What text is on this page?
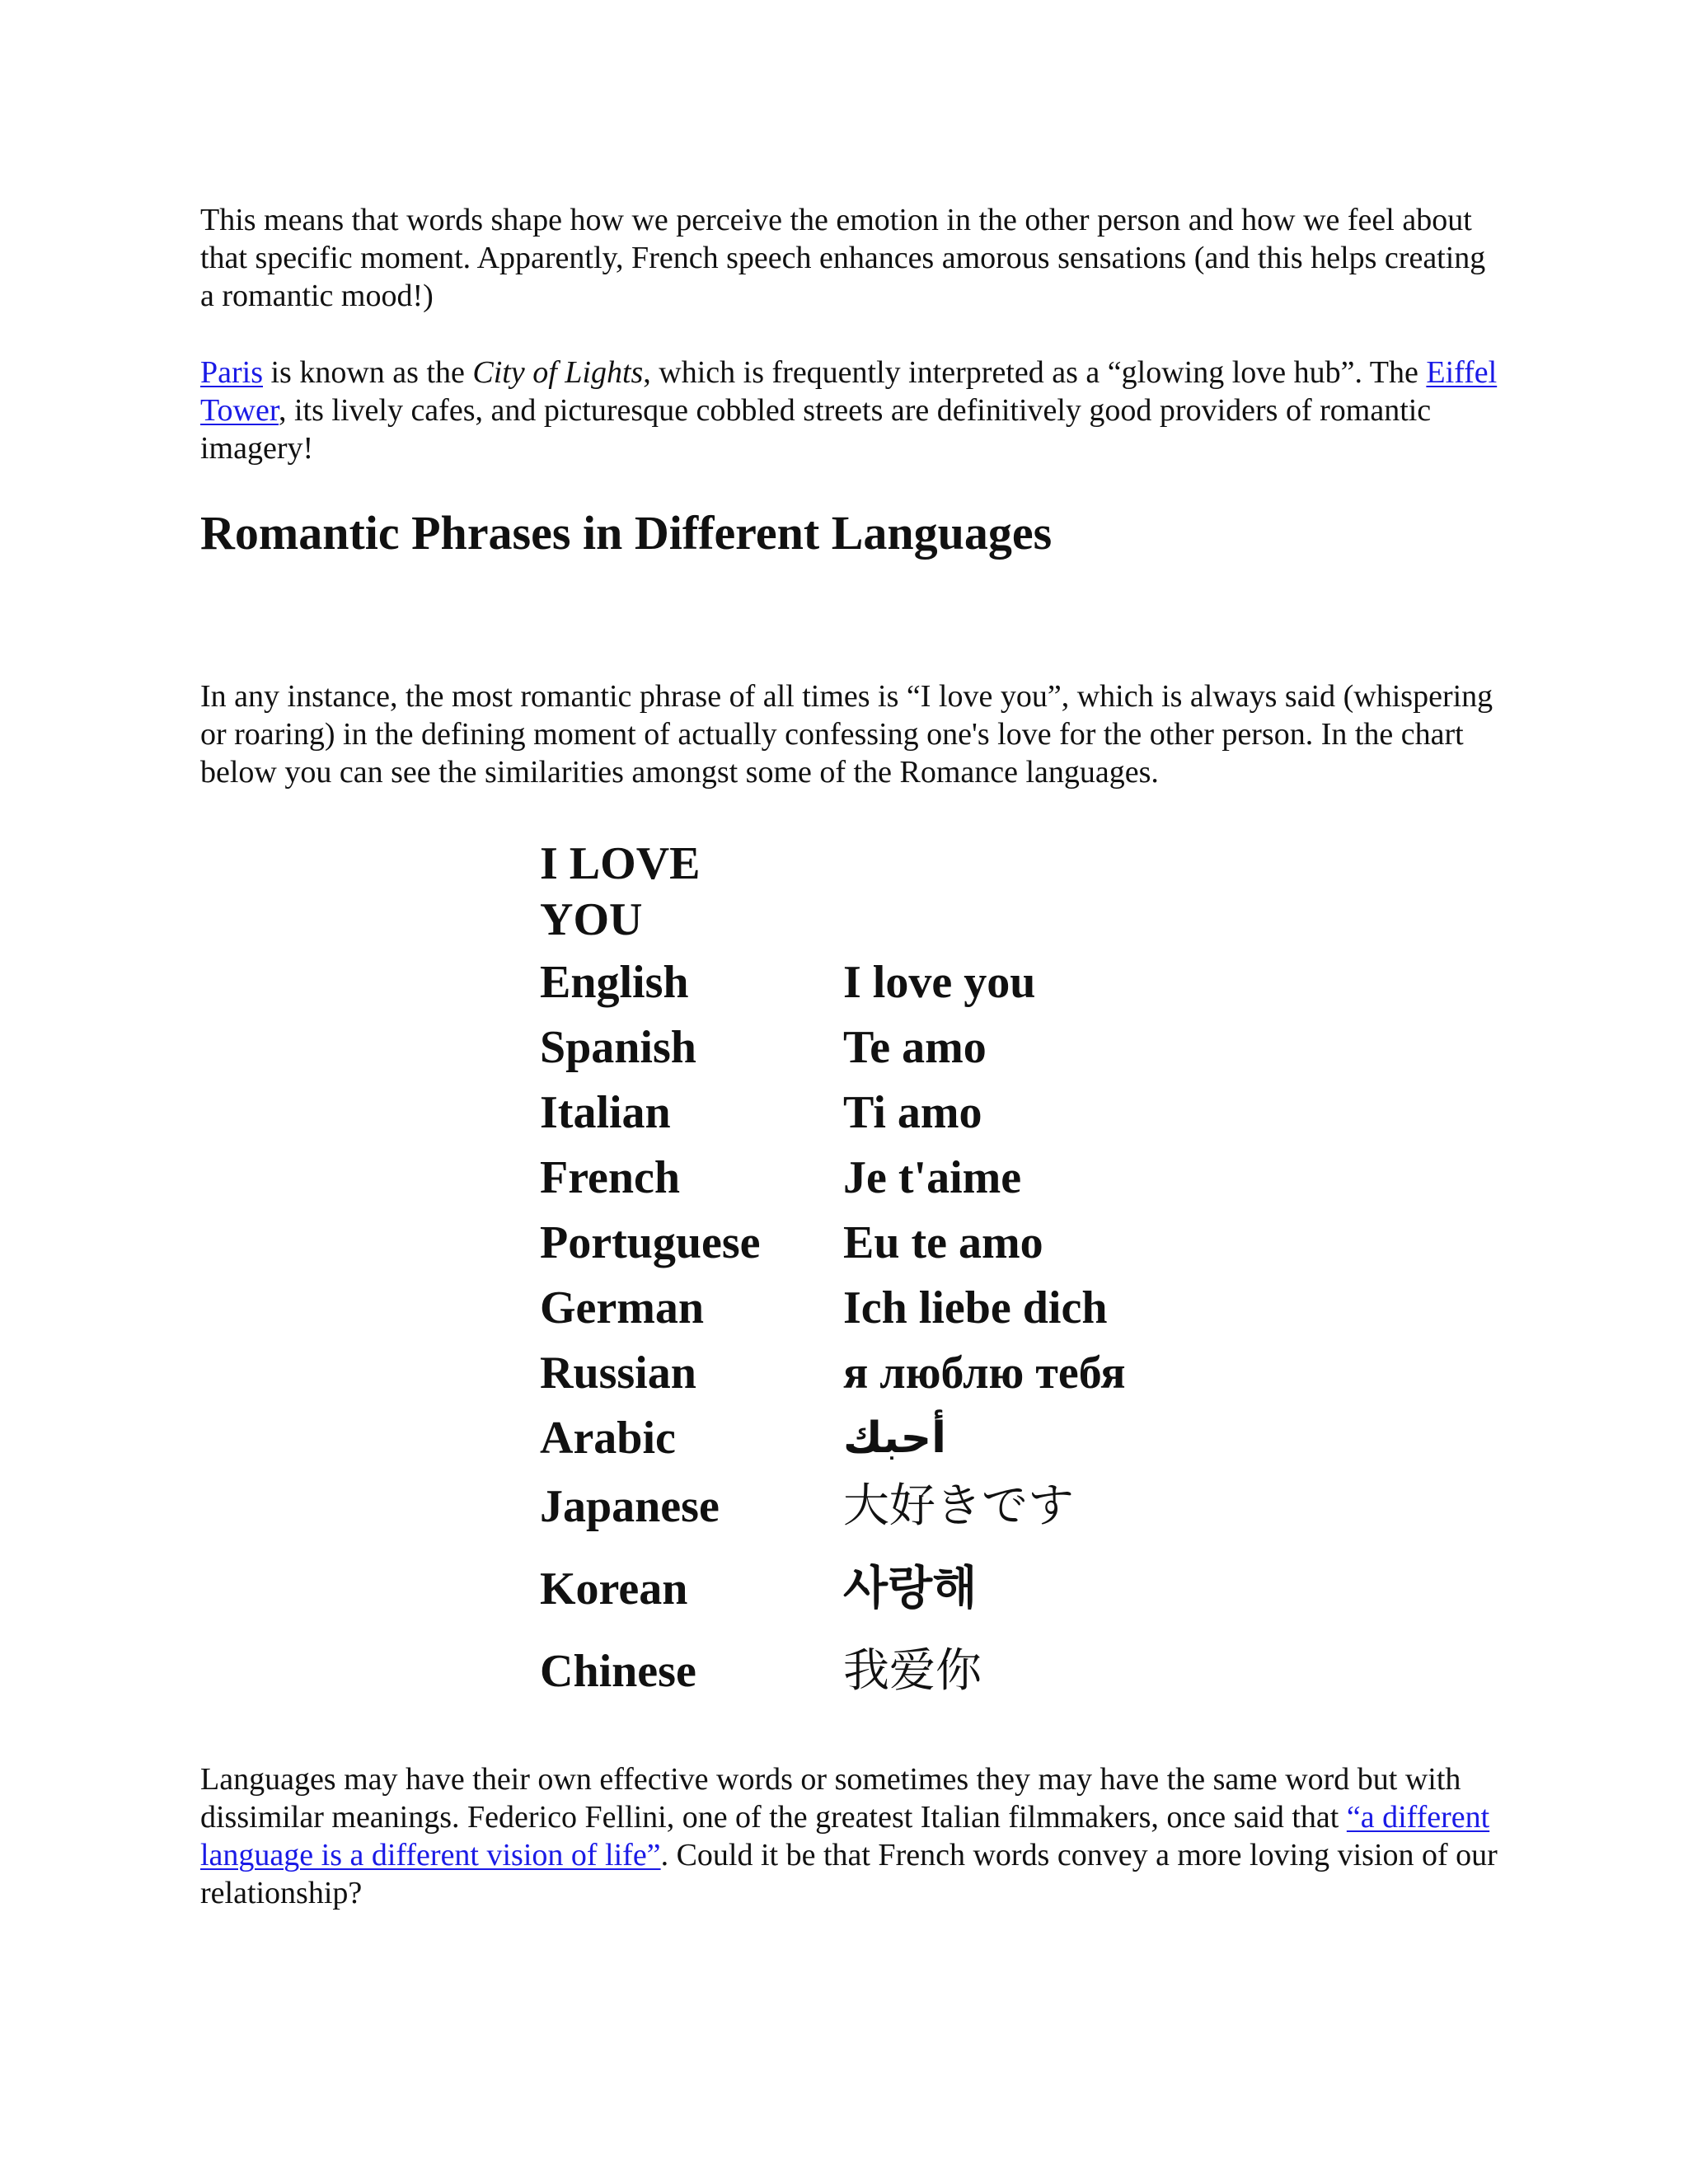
This means that words shape how we perceive the emotion in the other person and how we feel about that specific moment. Apparently, French speech enhances amorous sensations (and this helps creating a romantic mood!)

Paris is known as the City of Lights, which is frequently interpreted as a “glowing love hub”. The Eiffel Tower, its lively cafes, and picturesque cobbled streets are definitively good providers of romantic imagery!

Romantic Phrases in Different Languages

In any instance, the most romantic phrase of all times is “I love you”, which is always said (whispering or roaring) in the defining moment of actually confessing one's love for the other person. In the chart below you can see the similarities amongst some of the Romance languages.

I LOVE YOU
English	I love you
Spanish	Te amo
Italian	Ti amo
French	Je t'aime
Portuguese Eu te amo
German	Ich liebe dich
Russian	я люблю тебя
Arabic	أحبك
Japanese	大好きです
Korean	사랑해
Chinese	我爱你

Languages may have their own effective words or sometimes they may have the same word but with dissimilar meanings. Federico Fellini, one of the greatest Italian filmmakers, once said that “a different language is a different vision of life”. Could it be that French words convey a more loving vision of our relationship?
